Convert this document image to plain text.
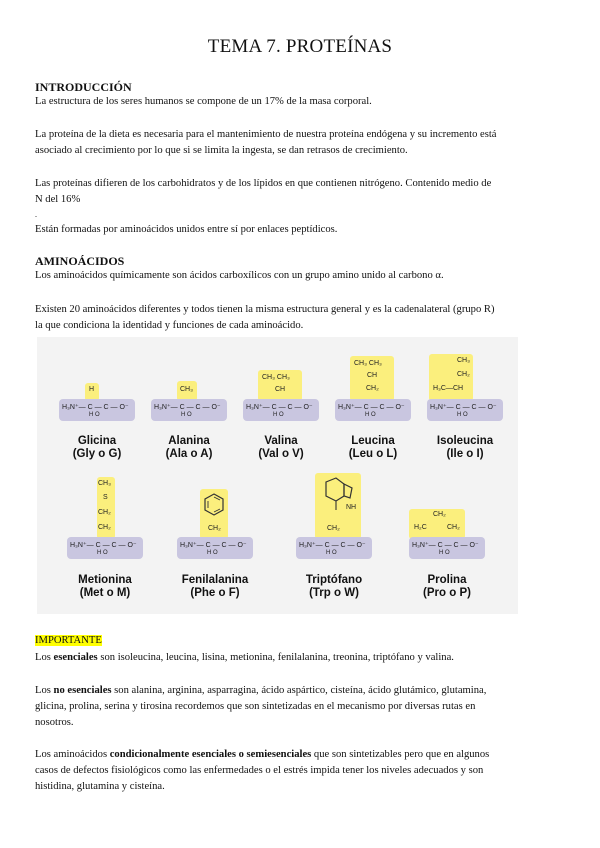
TEMA 7. PROTEÍNAS
INTRODUCCIÓN
La estructura de los seres humanos se compone de un 17% de la masa corporal.
La proteína de la dieta es necesaria para el mantenimiento de nuestra proteína endógena y su incremento está
asociado al crecimiento por lo que si se limita la ingesta, se dan retrasos de crecimiento.
Las proteínas difieren de los carbohidratos y de los lípidos en que contienen nitrógeno. Contenido medio de
N del 16%
.
Están formadas por aminoácidos unidos entre sí por enlaces peptídicos.
AMINOÁCIDOS
Los aminoácidos químicamente son ácidos carboxílicos con un grupo amino unido al carbono α.
Existen 20 aminoácidos diferentes y todos tienen la misma estructura general y es la cadenalateral (grupo R)
la que condiciona la identidad y funciones de cada aminoácido.
H
H₃N⁺— C — C — O⁻
H O
Glicina
(Gly o G)
CH₃
H₃N⁺— C — C — O⁻
H O
Alanina
(Ala o A)
CH₃ CH₃
CH
H₃N⁺— C — C — O⁻
H O
Valina
(Val o V)
CH₃ CH₃
CH
CH₂
H₃N⁺— C — C — O⁻
H O
Leucina
(Leu o L)
CH₃
CH₂
H₃C—CH
H₃N⁺— C — C — O⁻
H O
Isoleucina
(Ile o I)
CH₃
S
CH₂
CH₂
H₃N⁺— C — C — O⁻
H O
Metionina
(Met o M)
CH₂
H₃N⁺— C — C — O⁻
H O
Fenilalanina
(Phe o F)
NH
CH₂
H₃N⁺— C — C — O⁻
H O
Triptófano
(Trp o W)
CH₂
H₂C	CH₂
H₃N⁺— C — C — O⁻
H O
Prolina
(Pro o P)
IMPORTANTE
Los esenciales son isoleucina, leucina, lisina, metionina, fenilalanina, treonina, triptófano y valina.
Los no esenciales son alanina, arginina, asparragina, ácido aspártico, cisteína, ácido glutámico, glutamina,
glicina, prolina, serina y tirosina recordemos que son sintetizadas en el mecanismo por diversas rutas en
nosotros.
Los aminoácidos condicionalmente esenciales o semiesenciales que son sintetizables pero que en algunos
casos de defectos fisiológicos como las enfermedades o el estrés impida tener los niveles adecuados y son
histidina, glutamina y cisteína.
